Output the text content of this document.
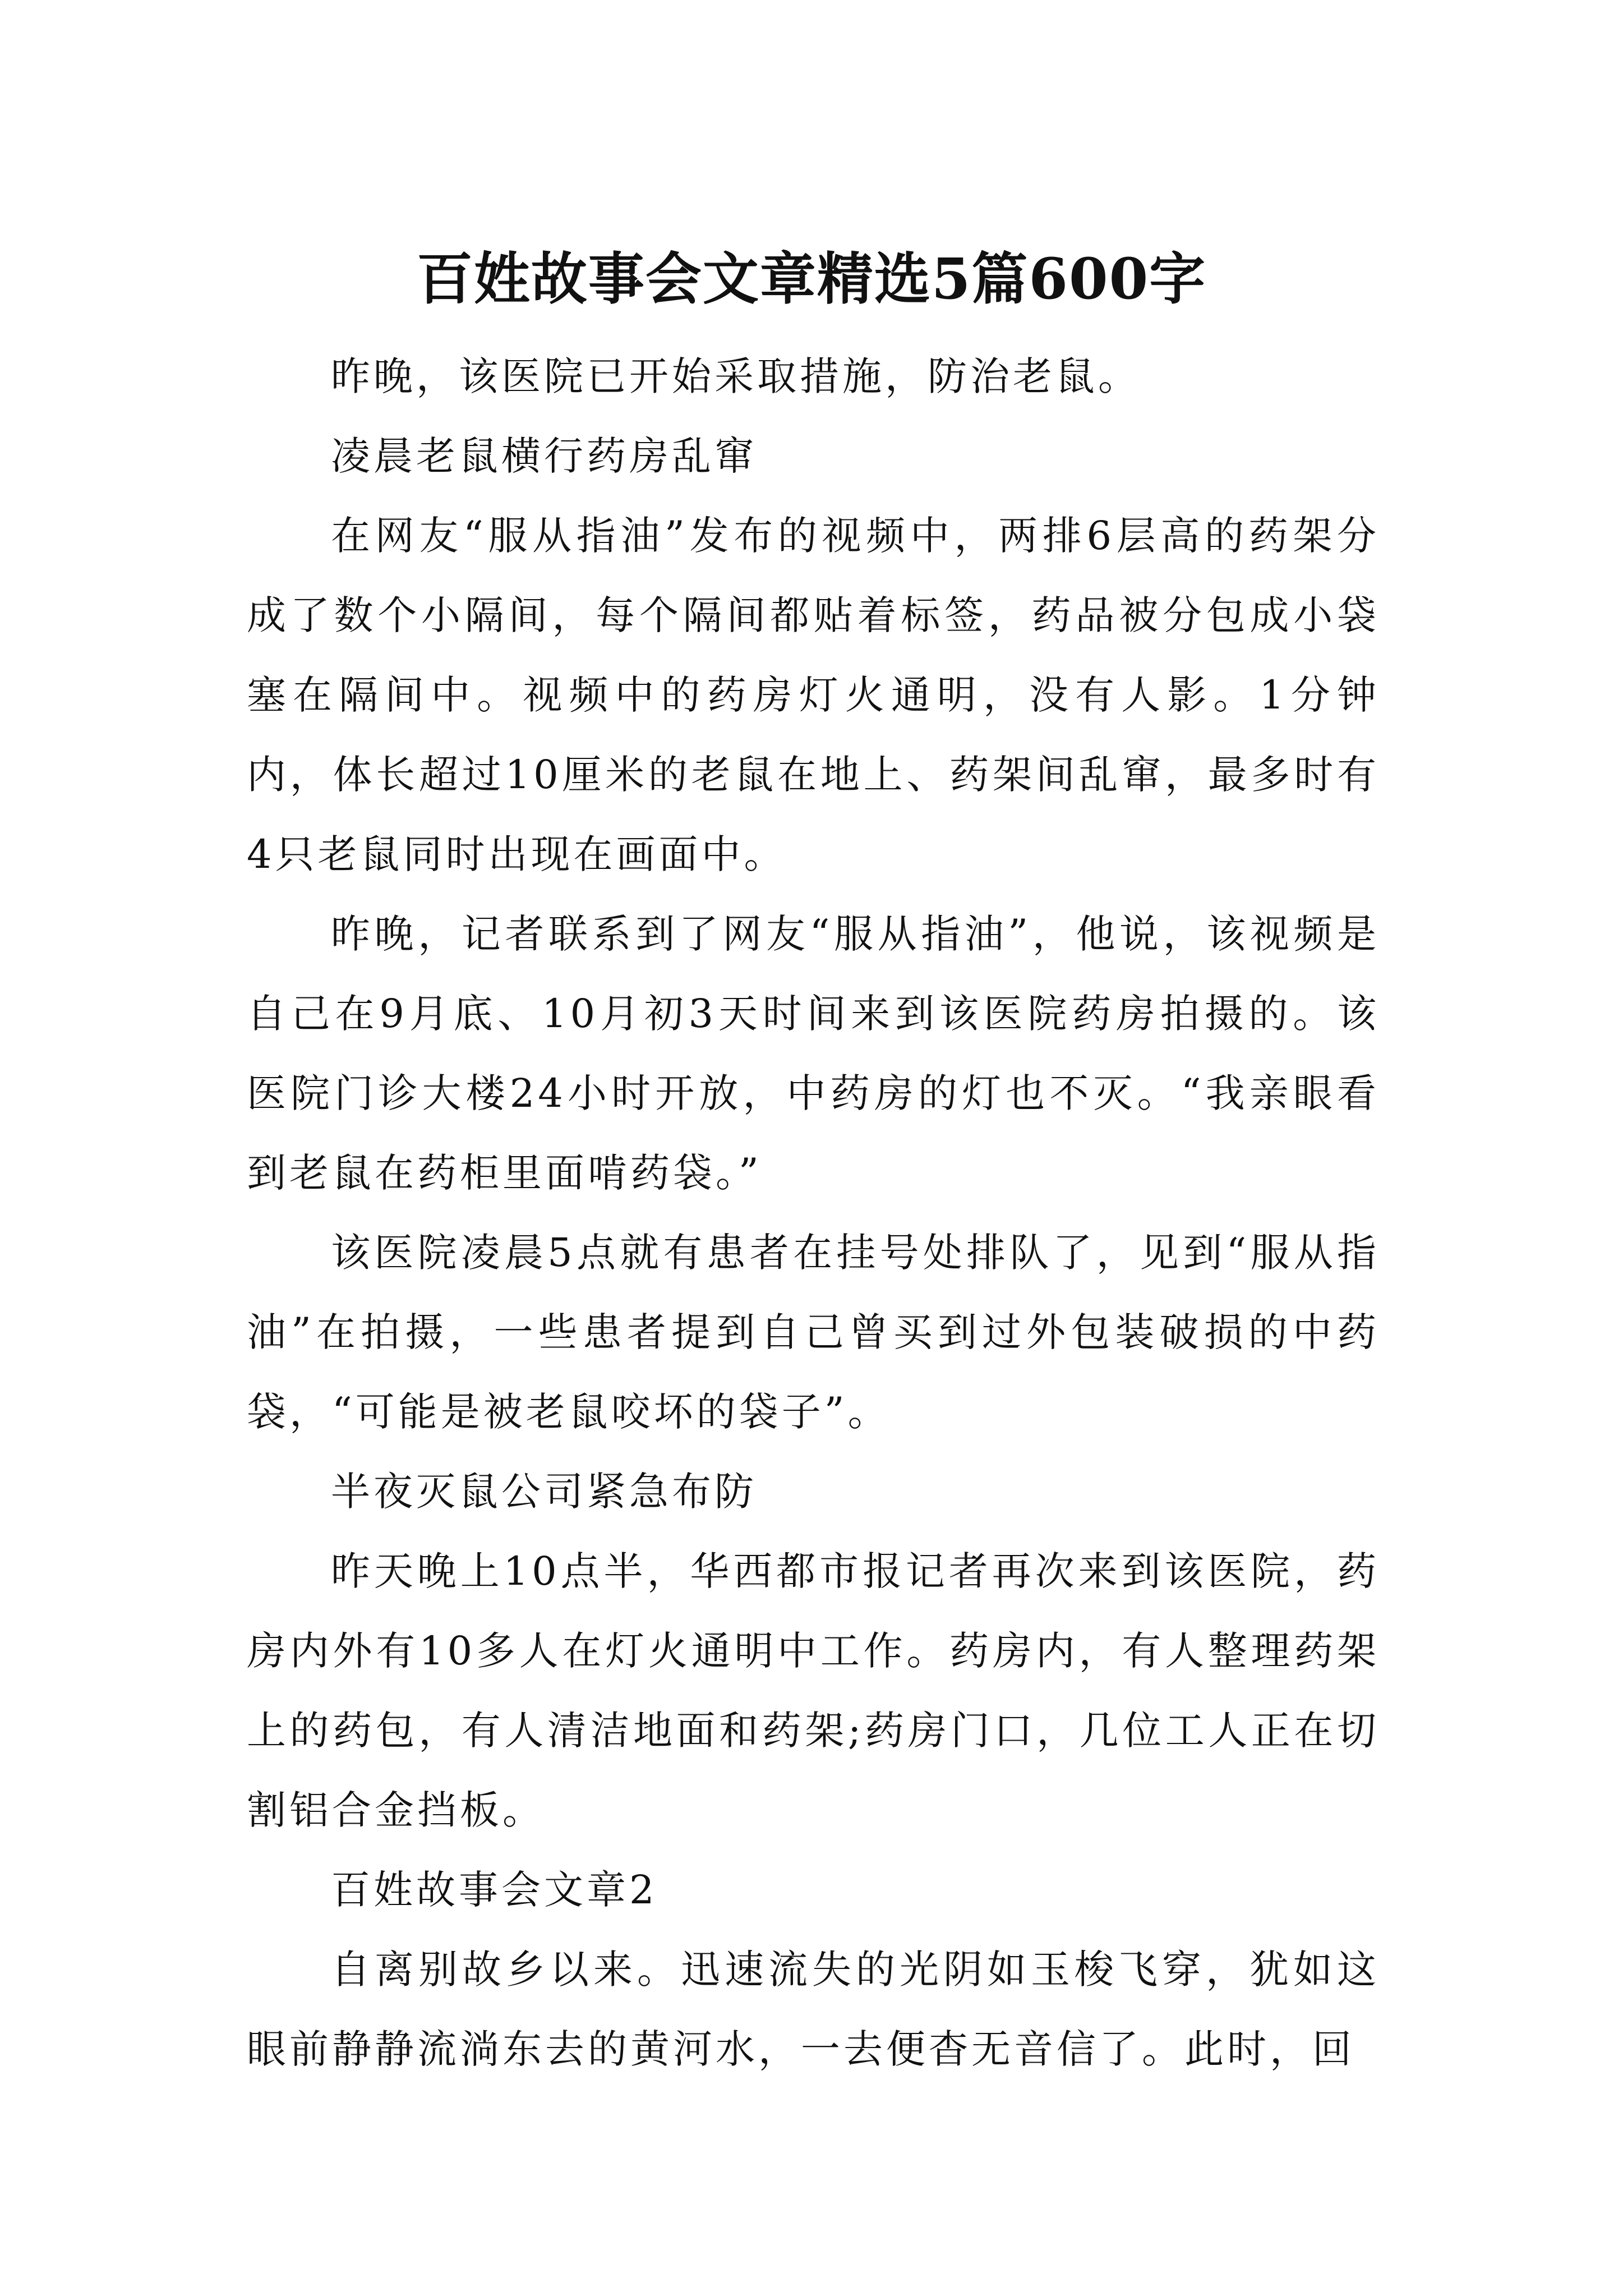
百姓故事会文章精选5篇600字

昨晚，该医院已开始采取措施，防治老鼠。

凌晨老鼠横行药房乱窜

在网友“服从指油”发布的视频中，两排6层高的药架分成了数个小隔间，每个隔间都贴着标签，药品被分包成小袋塞在隔间中。视频中的药房灯火通明，没有人影。1分钟内，体长超过10厘米的老鼠在地上、药架间乱窜，最多时有4只老鼠同时出现在画面中。

昨晚，记者联系到了网友“服从指油”，他说，该视频是自己在9月底、10月初3天时间来到该医院药房拍摄的。该医院门诊大楼24小时开放，中药房的灯也不灭。“我亲眼看到老鼠在药柜里面啃药袋。”

该医院凌晨5点就有患者在挂号处排队了，见到“服从指油”在拍摄，一些患者提到自己曾买到过外包装破损的中药袋，“可能是被老鼠咬坏的袋子”。

半夜灭鼠公司紧急布防

昨天晚上10点半，华西都市报记者再次来到该医院，药房内外有10多人在灯火通明中工作。药房内，有人整理药架上的药包，有人清洁地面和药架;药房门口，几位工人正在切割铝合金挡板。

百姓故事会文章2

自离别故乡以来。迅速流失的光阴如玉梭飞穿，犹如这眼前静静流淌东去的黄河水，一去便杳无音信了。此时，回
